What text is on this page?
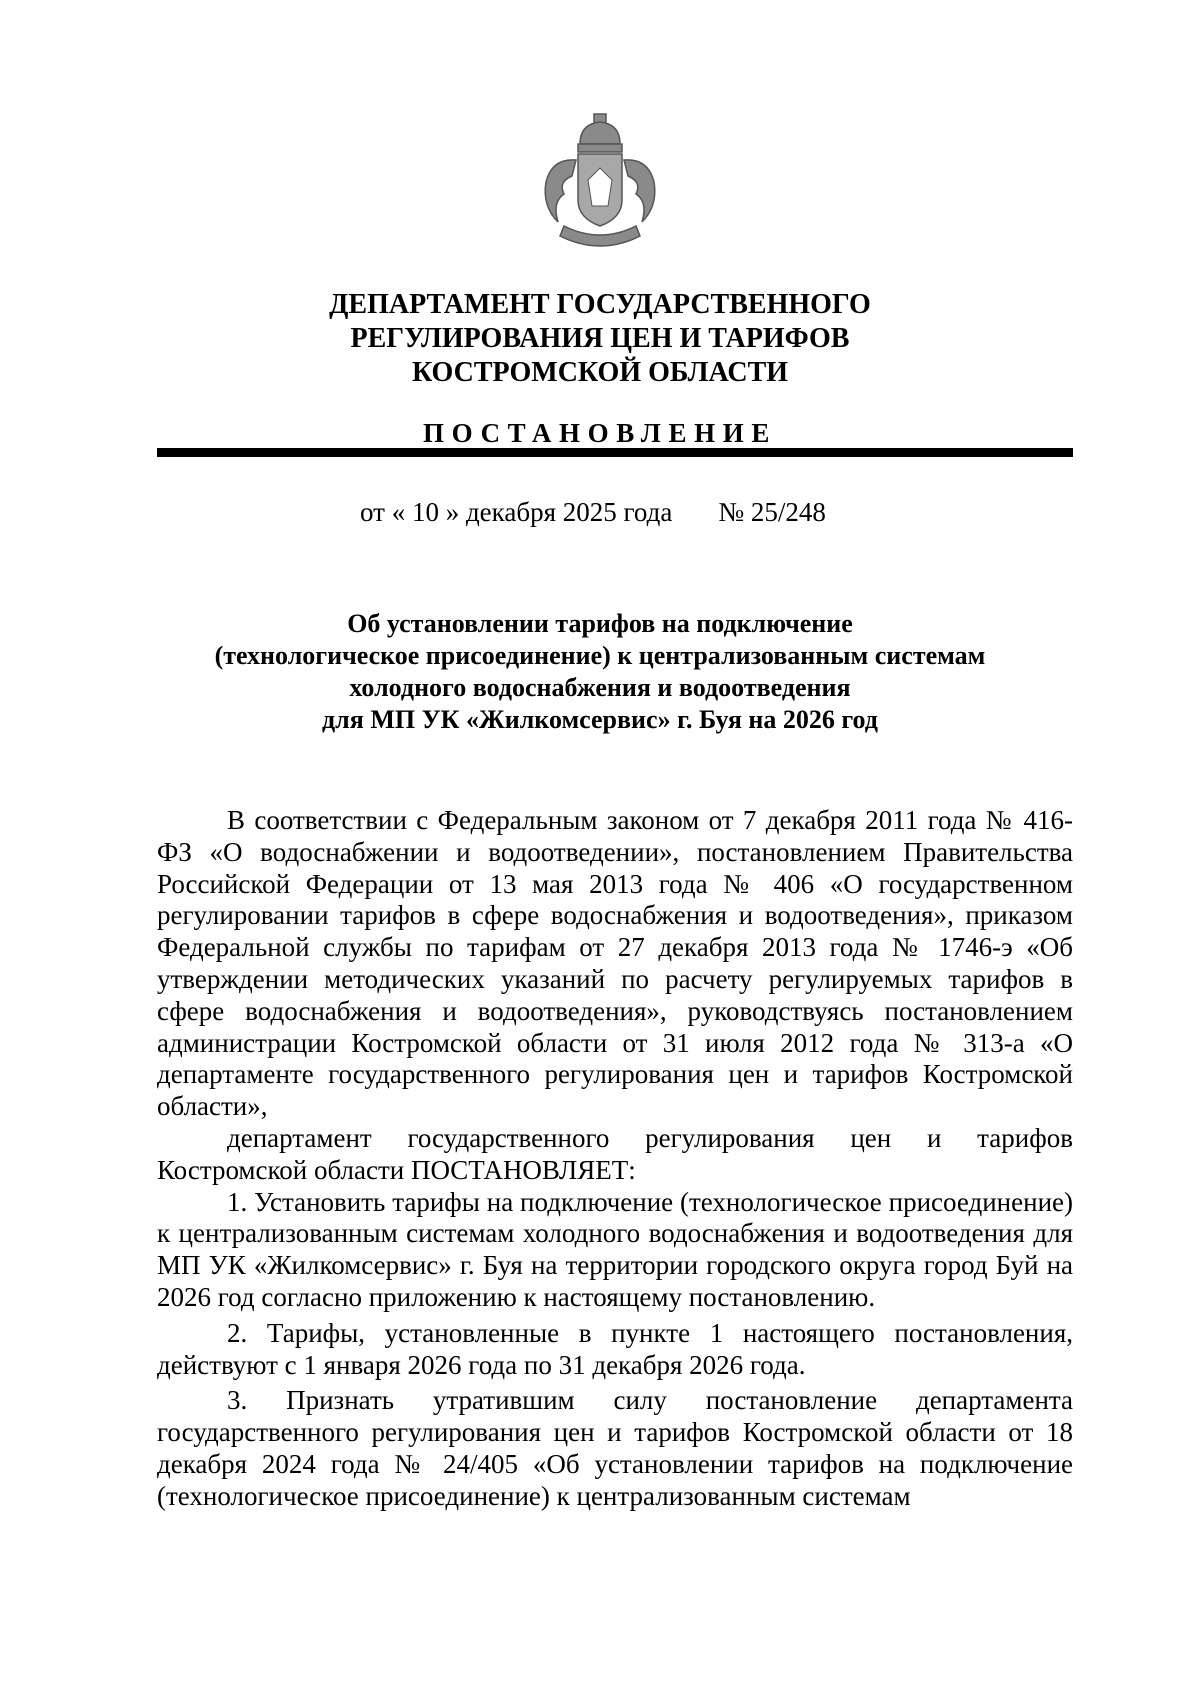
ДЕПАРТАМЕНТ ГОСУДАРСТВЕННОГО
РЕГУЛИРОВАНИЯ ЦЕН И ТАРИФОВ
КОСТРОМСКОЙ ОБЛАСТИ
ПОСТАНОВЛЕНИЕ
от « 10 » декабря 2025 года № 25/248
Об установлении тарифов на подключение
(технологическое присоединение) к централизованным системам
холодного водоснабжения и водоотведения
для МП УК «Жилкомсервис» г. Буя на 2026 год

В соответствии с Федеральным законом от 7 декабря 2011 года № 416-ФЗ «О водоснабжении и водоотведении», постановлением Правительства Российской Федерации от 13 мая 2013 года № 406 «О государственном регулировании тарифов в сфере водоснабжения и водоотведения», приказом Федеральной службы по тарифам от 27 декабря 2013 года № 1746-э «Об утверждении методических указаний по расчету регулируемых тарифов в сфере водоснабжения и водоотведения», руководствуясь постановлением администрации Костромской области от 31 июля 2012 года № 313-а «О департаменте государственного регулирования цен и тарифов Костромской области»,

департамент государственного регулирования цен и тарифов Костромской области ПОСТАНОВЛЯЕТ:

1. Установить тарифы на подключение (технологическое присоединение) к централизованным системам холодного водоснабжения и водоотведения для МП УК «Жилкомсервис» г. Буя на территории городского округа город Буй на 2026 год согласно приложению к настоящему постановлению.

2. Тарифы, установленные в пункте 1 настоящего постановления, действуют с 1 января 2026 года по 31 декабря 2026 года.

3. Признать утратившим силу постановление департамента государственного регулирования цен и тарифов Костромской области от 18 декабря 2024 года № 24/405 «Об установлении тарифов на подключение (технологическое присоединение) к централизованным системам
